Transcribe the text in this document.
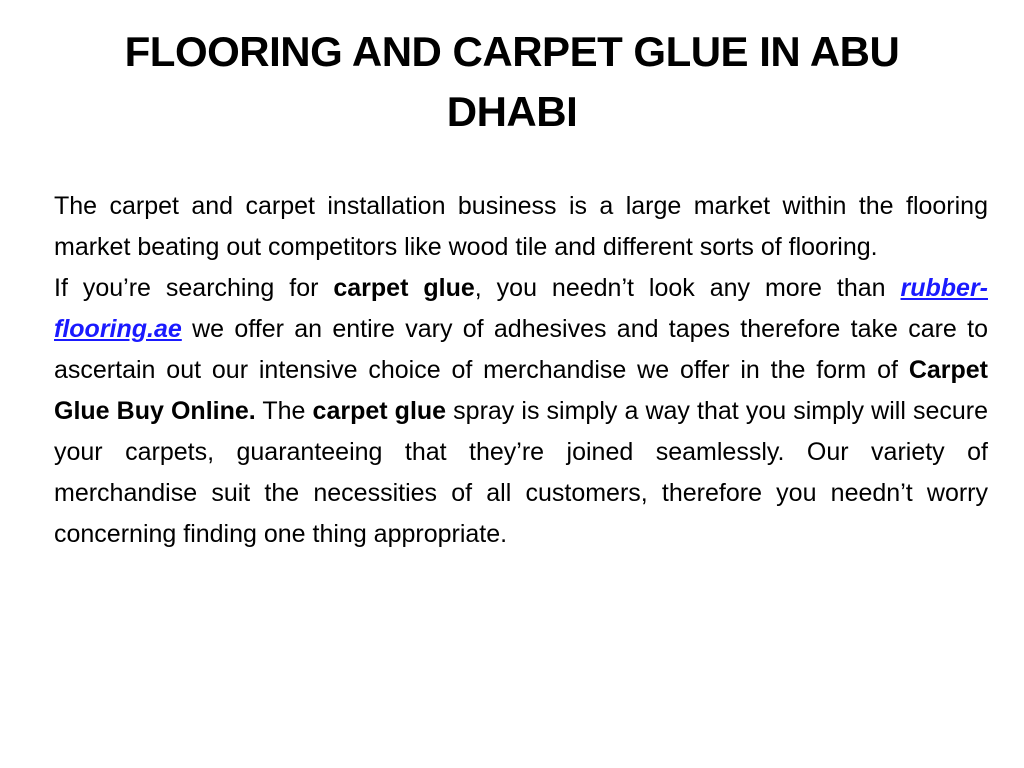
FLOORING AND CARPET GLUE IN ABU DHABI

The carpet and carpet installation business is a large market within the flooring market beating out competitors like wood tile and different sorts of flooring.

If you’re searching for carpet glue, you needn’t look any more than rubber-flooring.ae we offer an entire vary of adhesives and tapes therefore take care to ascertain out our intensive choice of merchandise we offer in the form of Carpet Glue Buy Online. The carpet glue spray is simply a way that you simply will secure your carpets, guaranteeing that they’re joined seamlessly. Our variety of merchandise suit the necessities of all customers, therefore you needn’t worry concerning finding one thing appropriate.
